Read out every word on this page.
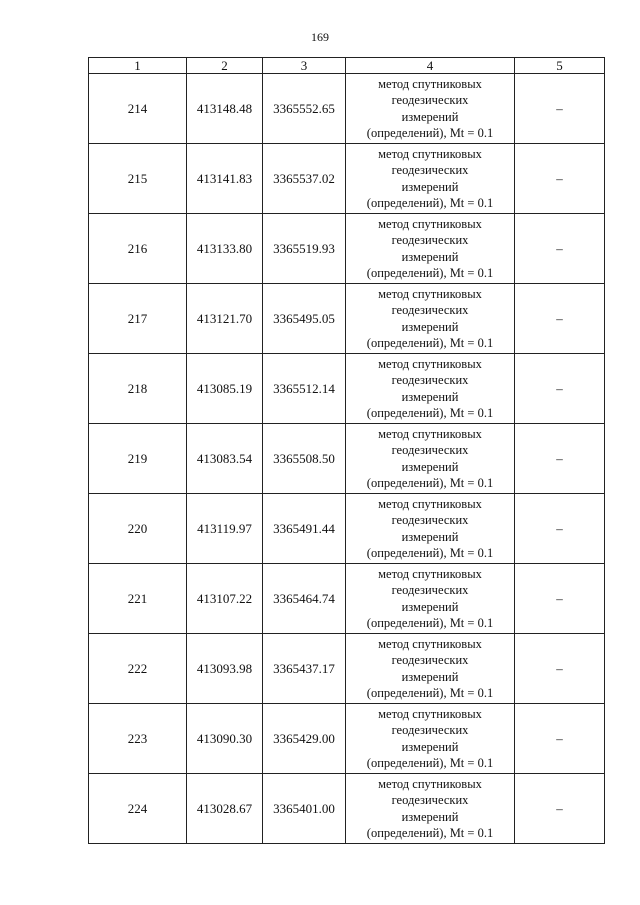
169
1	2	3	4	5
214	413148.48	3365552.65	метод спутниковых
геодезических
измерений
(определений), Mt = 0.1	–
215	413141.83	3365537.02	метод спутниковых
геодезических
измерений
(определений), Mt = 0.1	–
216	413133.80	3365519.93	метод спутниковых
геодезических
измерений
(определений), Mt = 0.1	–
217	413121.70	3365495.05	метод спутниковых
геодезических
измерений
(определений), Mt = 0.1	–
218	413085.19	3365512.14	метод спутниковых
геодезических
измерений
(определений), Mt = 0.1	–
219	413083.54	3365508.50	метод спутниковых
геодезических
измерений
(определений), Mt = 0.1	–
220	413119.97	3365491.44	метод спутниковых
геодезических
измерений
(определений), Mt = 0.1	–
221	413107.22	3365464.74	метод спутниковых
геодезических
измерений
(определений), Mt = 0.1	–
222	413093.98	3365437.17	метод спутниковых
геодезических
измерений
(определений), Mt = 0.1	–
223	413090.30	3365429.00	метод спутниковых
геодезических
измерений
(определений), Mt = 0.1	–
224	413028.67	3365401.00	метод спутниковых
геодезических
измерений
(определений), Mt = 0.1	–
